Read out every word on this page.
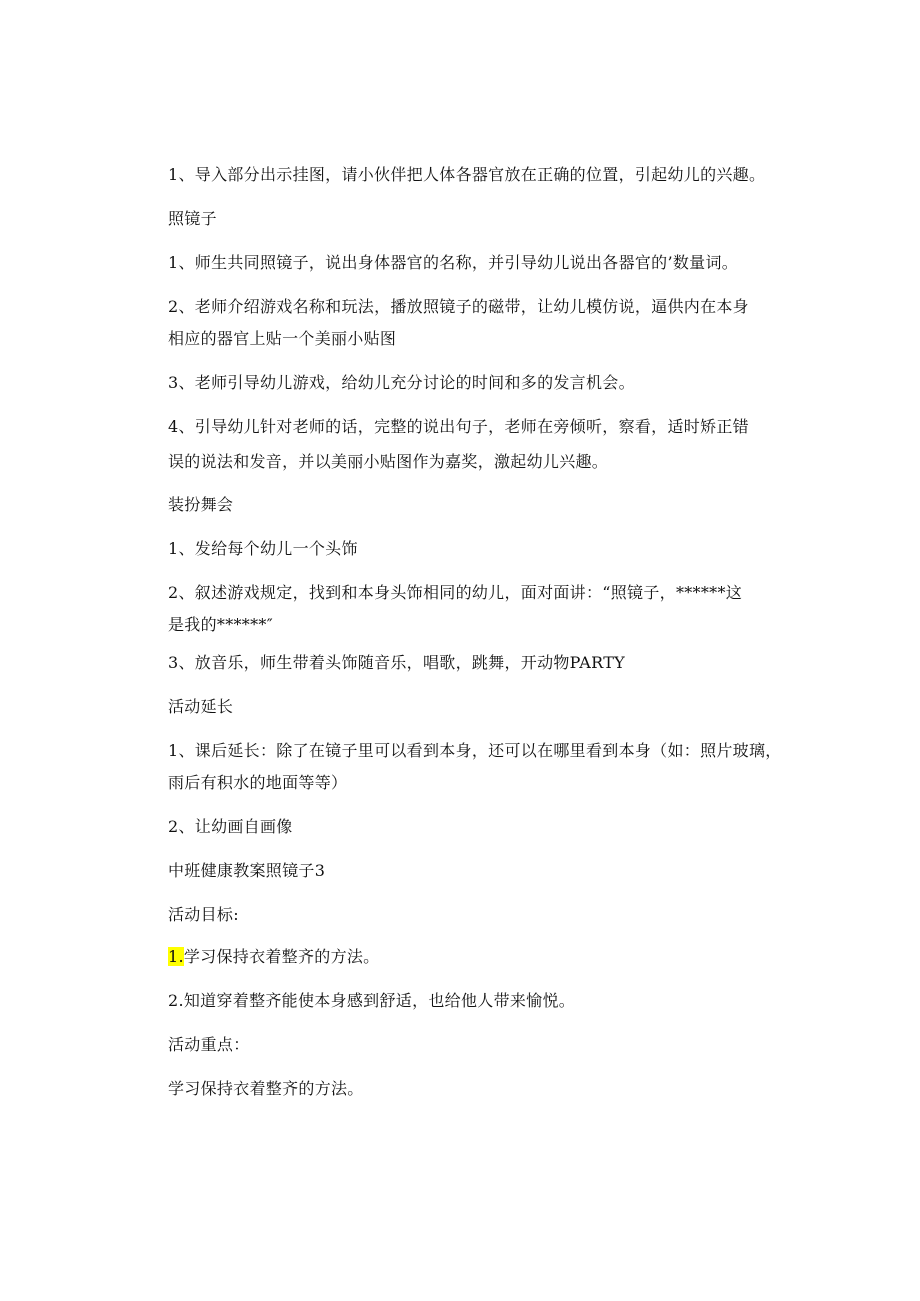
1、导入部分出示挂图，请小伙伴把人体各器官放在正确的位置，引起幼儿的兴趣。
照镜子
1、师生共同照镜子，说出身体器官的名称，并引导幼儿说出各器官的’数量词。
2、老师介绍游戏名称和玩法，播放照镜子的磁带，让幼儿模仿说，逼供内在本身
相应的器官上贴一个美丽小贴图
3、老师引导幼儿游戏，给幼儿充分讨论的时间和多的发言机会。
4、引导幼儿针对老师的话，完整的说出句子，老师在旁倾听，察看，适时矫正错
误的说法和发音，并以美丽小贴图作为嘉奖，激起幼儿兴趣。
装扮舞会
1、发给每个幼儿一个头饰
2、叙述游戏规定，找到和本身头饰相同的幼儿，面对面讲：“照镜子，******这
是我的******″
3、放音乐，师生带着头饰随音乐，唱歌，跳舞，开动物PARTY
活动延长
1、课后延长：除了在镜子里可以看到本身，还可以在哪里看到本身（如：照片玻璃，
雨后有积水的地面等等）
2、让幼画自画像
中班健康教案照镜子3
活动目标:
1.学习保持衣着整齐的方法。
2.知道穿着整齐能使本身感到舒适，也给他人带来愉悦。
活动重点：
学习保持衣着整齐的方法。
